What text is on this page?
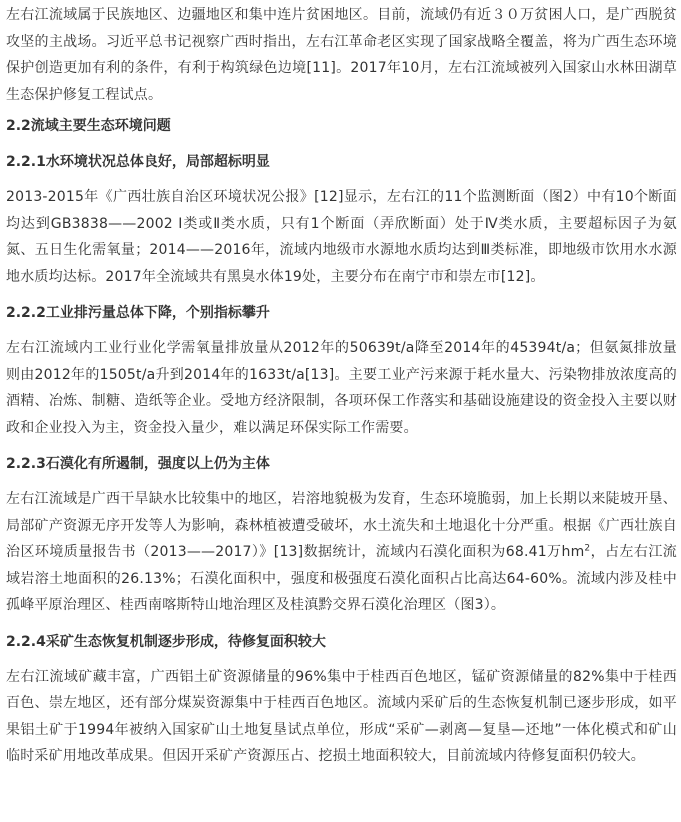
左右江流域属于民族地区、边疆地区和集中连片贫困地区。目前，流域仍有近３０万贫困人口，是广西脱贫攻坚的主战场。习近平总书记视察广西时指出，左右江革命老区实现了国家战略全覆盖，将为广西生态环境保护创造更加有利的条件，有利于构筑绿色边境[11]。2017年10月，左右江流域被列入国家山水林田湖草生态保护修复工程试点。

2.2流域主要生态环境问题

2.2.1水环境状况总体良好，局部超标明显

2013-2015年《广西壮族自治区环境状况公报》[12]显示，左右江的11个监测断面（图2）中有10个断面均达到GB3838——2002 Ⅰ类或Ⅱ类水质，只有1个断面（弄欣断面）处于Ⅳ类水质，主要超标因子为氨氮、五日生化需氧量；2014——2016年，流域内地级市水源地水质均达到Ⅲ类标准，即地级市饮用水水源地水质均达标。2017年全流域共有黑臭水体19处，主要分布在南宁市和崇左市[12]。

2.2.2工业排污量总体下降，个别指标攀升

左右江流域内工业行业化学需氧量排放量从2012年的50639t/a降至2014年的45394t/a；但氨氮排放量则由2012年的1505t/a升到2014年的1633t/a[13]。主要工业产污来源于耗水量大、污染物排放浓度高的酒精、冶炼、制糖、造纸等企业。受地方经济限制，各项环保工作落实和基础设施建设的资金投入主要以财政和企业投入为主，资金投入量少，难以满足环保实际工作需要。

2.2.3石漠化有所遏制，强度以上仍为主体

左右江流域是广西干旱缺水比较集中的地区，岩溶地貌极为发育，生态环境脆弱，加上长期以来陡坡开垦、局部矿产资源无序开发等人为影响，森林植被遭受破坏，水土流失和土地退化十分严重。根据《广西壮族自治区环境质量报告书（2013——2017）》[13]数据统计，流域内石漠化面积为68.41万$hm^2$，占左右江流域岩溶土地面积的26.13%；石漠化面积中，强度和极强度石漠化面积占比高达64-60%。流域内涉及桂中孤峰平原治理区、桂西南喀斯特山地治理区及桂滇黔交界石漠化治理区（图3）。

2.2.4采矿生态恢复机制逐步形成，待修复面积较大

左右江流域矿藏丰富，广西铝土矿资源储量的96%集中于桂西百色地区，锰矿资源储量的82%集中于桂西百色、崇左地区，还有部分煤炭资源集中于桂西百色地区。流域内采矿后的生态恢复机制已逐步形成，如平果铝土矿于1994年被纳入国家矿山土地复垦试点单位，形成“采矿—剥离—复垦—还地”一体化模式和矿山临时采矿用地改革成果。但因开采矿产资源压占、挖损土地面积较大，目前流域内待修复面积仍较大。
